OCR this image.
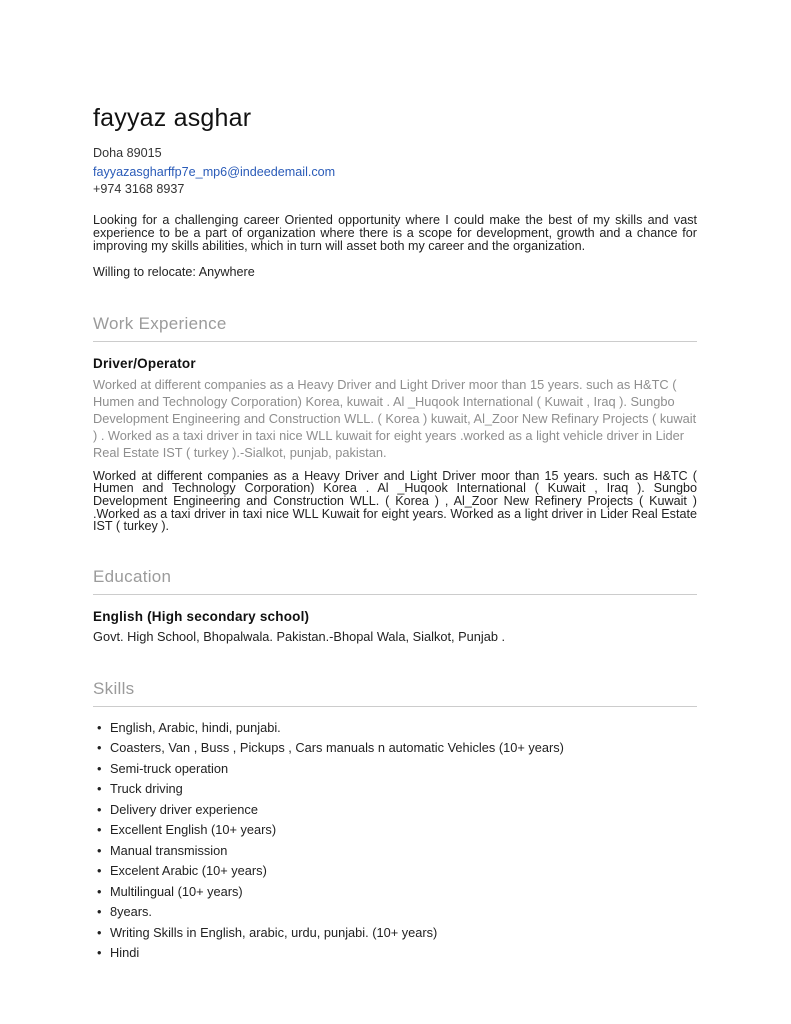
fayyaz asghar
Doha 89015
fayyazasgharffp7e_mp6@indeedemail.com
+974 3168 8937

Looking for a challenging career Oriented opportunity where I could make the best of my skills and vast experience to be a part of organization where there is a scope for development, growth and a chance for improving my skills abilities, which in turn will asset both my career and the organization.

Willing to relocate: Anywhere

Work Experience
Driver/Operator

Worked at different companies as a Heavy Driver and Light Driver moor than 15 years. such as H&TC ( Humen and Technology Corporation) Korea, kuwait . Al _Huqook International ( Kuwait , Iraq ). Sungbo Development Engineering and Construction WLL. ( Korea ) kuwait, Al_Zoor New Refinary Projects ( kuwait ) . Worked as a taxi driver in taxi nice WLL kuwait for eight years .worked as a light vehicle driver in Lider Real Estate IST ( turkey ).-Sialkot, punjab, pakistan.

Worked at different companies as a Heavy Driver and Light Driver moor than 15 years. such as H&TC ( Humen and Technology Corporation) Korea . Al _Huqook International ( Kuwait , Iraq ). Sungbo Development Engineering and Construction WLL. ( Korea ) , Al_Zoor New Refinery Projects ( Kuwait ) .Worked as a taxi driver in taxi nice WLL Kuwait for eight years. Worked as a light driver in Lider Real Estate IST ( turkey ).

Education
English (High secondary school)

Govt. High School, Bhopalwala. Pakistan.-Bhopal Wala, Sialkot, Punjab .

Skills
• English, Arabic, hindi, punjabi.
• Coasters, Van , Buss , Pickups , Cars manuals n automatic Vehicles (10+ years)
• Semi-truck operation
• Truck driving
• Delivery driver experience
• Excellent English (10+ years)
• Manual transmission
• Excelent Arabic (10+ years)
• Multilingual (10+ years)
• 8years.
• Writing Skills in English, arabic, urdu, punjabi. (10+ years)
• Hindi
